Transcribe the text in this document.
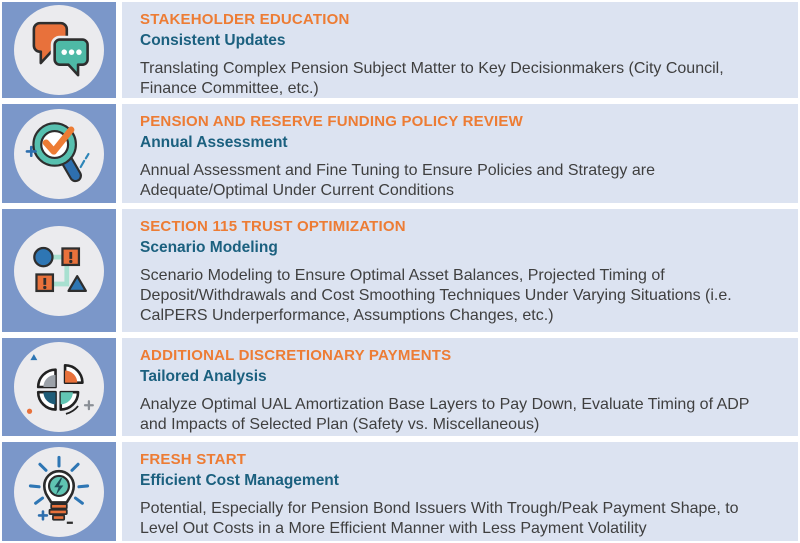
STAKEHOLDER EDUCATION
Consistent Updates

Translating Complex Pension Subject Matter to Key Decisionmakers (City Council, Finance Committee, etc.)

PENSION AND RESERVE FUNDING POLICY REVIEW
Annual Assessment

Annual Assessment and Fine Tuning to Ensure Policies and Strategy are Adequate/Optimal Under Current Conditions

SECTION 115 TRUST OPTIMIZATION
Scenario Modeling

Scenario Modeling to Ensure Optimal Asset Balances, Projected Timing of Deposit/Withdrawals and Cost Smoothing Techniques Under Varying Situations (i.e. CalPERS Underperformance, Assumptions Changes, etc.)

ADDITIONAL DISCRETIONARY PAYMENTS
Tailored Analysis

Analyze Optimal UAL Amortization Base Layers to Pay Down, Evaluate Timing of ADP and Impacts of Selected Plan (Safety vs. Miscellaneous)

FRESH START
Efficient Cost Management

Potential, Especially for Pension Bond Issuers With Trough/Peak Payment Shape, to Level Out Costs in a More Efficient Manner with Less Payment Volatility
